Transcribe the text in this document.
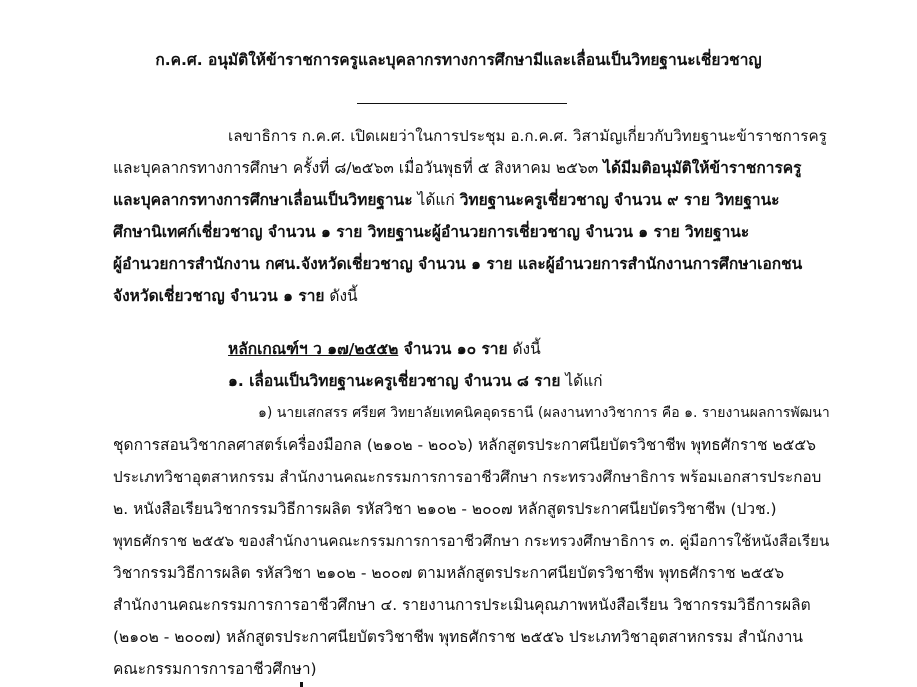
ก.ค.ศ. อนุมัติให้ข้าราชการครูและบุคลากรทางการศึกษามีและเลื่อนเป็นวิทยฐานะเชี่ยวชาญ
เลขาธิการ ก.ค.ศ. เปิดเผยว่าในการประชุม อ.ก.ค.ศ. วิสามัญเกี่ยวกับวิทยฐานะข้าราชการครู
และบุคลากรทางการศึกษา ครั้งที่ ๘/๒๕๖๓ เมื่อวันพุธที่ ๕ สิงหาคม ๒๕๖๓ ได้มีมติอนุมัติให้ข้าราชการครู
และบุคลากรทางการศึกษาเลื่อนเป็นวิทยฐานะ ได้แก่ วิทยฐานะครูเชี่ยวชาญ จำนวน ๙ ราย วิทยฐานะ
ศึกษานิเทศก์เชี่ยวชาญ จำนวน ๑ ราย วิทยฐานะผู้อำนวยการเชี่ยวชาญ จำนวน ๑ ราย วิทยฐานะ
ผู้อำนวยการสำนักงาน กศน.จังหวัดเชี่ยวชาญ จำนวน ๑ ราย และผู้อำนวยการสำนักงานการศึกษาเอกชน
จังหวัดเชี่ยวชาญ จำนวน ๑ ราย ดังนี้
หลักเกณฑ์ฯ ว ๑๗/๒๕๕๒ จำนวน ๑๐ ราย ดังนี้
๑. เลื่อนเป็นวิทยฐานะครูเชี่ยวชาญ จำนวน ๘ ราย ได้แก่
๑) นายเสกสรร ศรียศ วิทยาลัยเทคนิคอุดรธานี (ผลงานทางวิชาการ คือ ๑. รายงานผลการพัฒนา
ชุดการสอนวิชากลศาสตร์เครื่องมือกล (๒๑๐๒ - ๒๐๐๖) หลักสูตรประกาศนียบัตรวิชาชีพ พุทธศักราช ๒๕๕๖
ประเภทวิชาอุตสาหกรรม สำนักงานคณะกรรมการการอาชีวศึกษา กระทรวงศึกษาธิการ พร้อมเอกสารประกอบ
๒. หนังสือเรียนวิชากรรมวิธีการผลิต รหัสวิชา ๒๑๐๒ - ๒๐๐๗ หลักสูตรประกาศนียบัตรวิชาชีพ (ปวช.)
พุทธศักราช ๒๕๕๖ ของสำนักงานคณะกรรมการการอาชีวศึกษา กระทรวงศึกษาธิการ ๓. คู่มือการใช้หนังสือเรียน
วิชากรรมวิธีการผลิต รหัสวิชา ๒๑๐๒ - ๒๐๐๗ ตามหลักสูตรประกาศนียบัตรวิชาชีพ พุทธศักราช ๒๕๕๖
สำนักงานคณะกรรมการการอาชีวศึกษา ๔. รายงานการประเมินคุณภาพหนังสือเรียน วิชากรรมวิธีการผลิต
(๒๑๐๒ - ๒๐๐๗) หลักสูตรประกาศนียบัตรวิชาชีพ พุทธศักราช ๒๕๕๖ ประเภทวิชาอุตสาหกรรม สำนักงาน
คณะกรรมการการอาชีวศึกษา)
